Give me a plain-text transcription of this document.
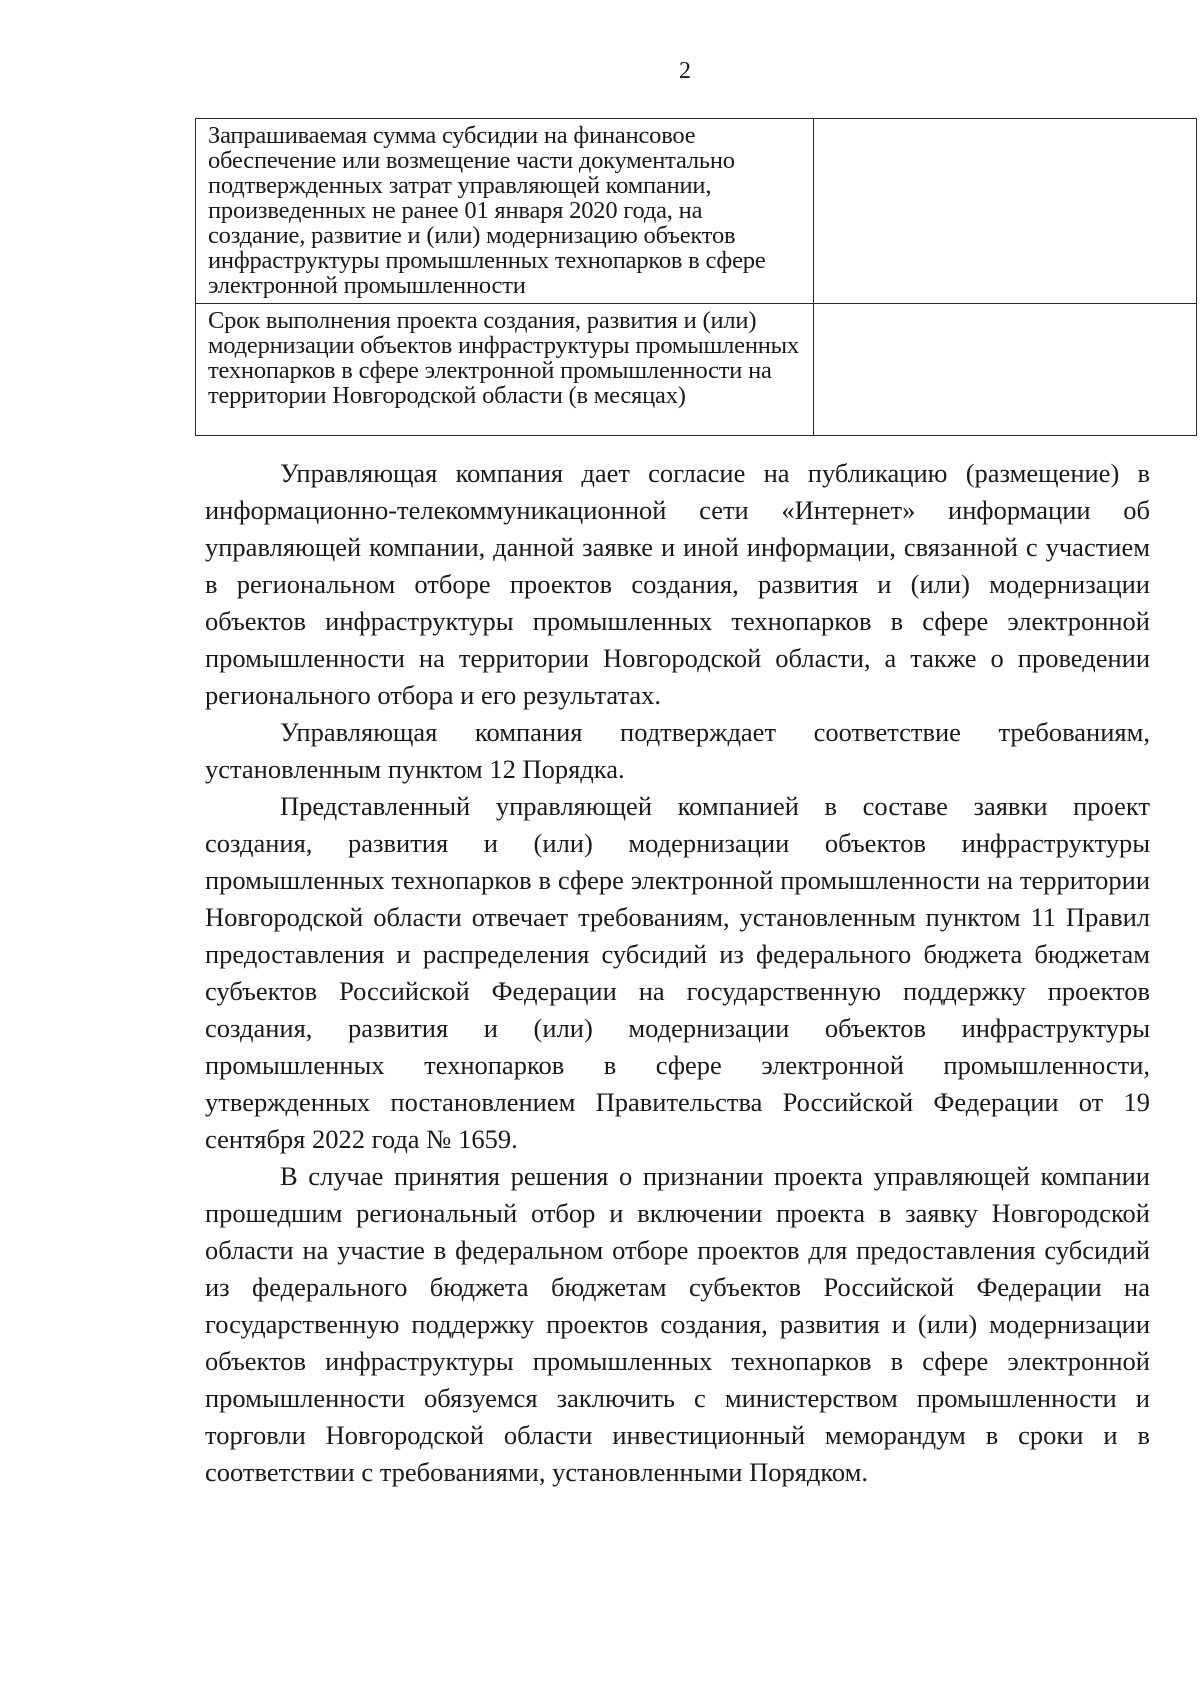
2
Запрашиваемая сумма субсидии на финансовое обеспечение или возмещение части документально подтвержденных затрат управляющей компании, произведенных не ранее 01 января 2020 года, на создание, развитие и (или) модернизацию объектов инфраструктуры промышленных технопарков в сфере электронной промышленности	
Срок выполнения проекта создания, развития и (или) модернизации объектов инфраструктуры промышленных технопарков в сфере электронной промышленности на территории Новгородской области (в месяцах)	

Управляющая компания дает согласие на публикацию (размещение) в информационно-телекоммуникационной сети «Интернет» информации об управляющей компании, данной заявке и иной информации, связанной с участием в региональном отборе проектов создания, развития и (или) модернизации объектов инфраструктуры промышленных технопарков в сфере электронной промышленности на территории Новгородской области, а также о проведении регионального отбора и его результатах.

Управляющая компания подтверждает соответствие требованиям, установленным пунктом 12 Порядка.

Представленный управляющей компанией в составе заявки проект создания, развития и (или) модернизации объектов инфраструктуры промышленных технопарков в сфере электронной промышленности на территории Новгородской области отвечает требованиям, установленным пунктом 11 Правил предоставления и распределения субсидий из федерального бюджета бюджетам субъектов Российской Федерации на государственную поддержку проектов создания, развития и (или) модернизации объектов инфраструктуры промышленных технопарков в сфере электронной промышленности, утвержденных постановлением Правительства Российской Федерации от 19 сентября 2022 года № 1659.

В случае принятия решения о признании проекта управляющей компании прошедшим региональный отбор и включении проекта в заявку Новгородской области на участие в федеральном отборе проектов для предоставления субсидий из федерального бюджета бюджетам субъектов Российской Федерации на государственную поддержку проектов создания, развития и (или) модернизации объектов инфраструктуры промышленных технопарков в сфере электронной промышленности обязуемся заключить с министерством промышленности и торговли Новгородской области инвестиционный меморандум в сроки и в соответствии с требованиями, установленными Порядком.
